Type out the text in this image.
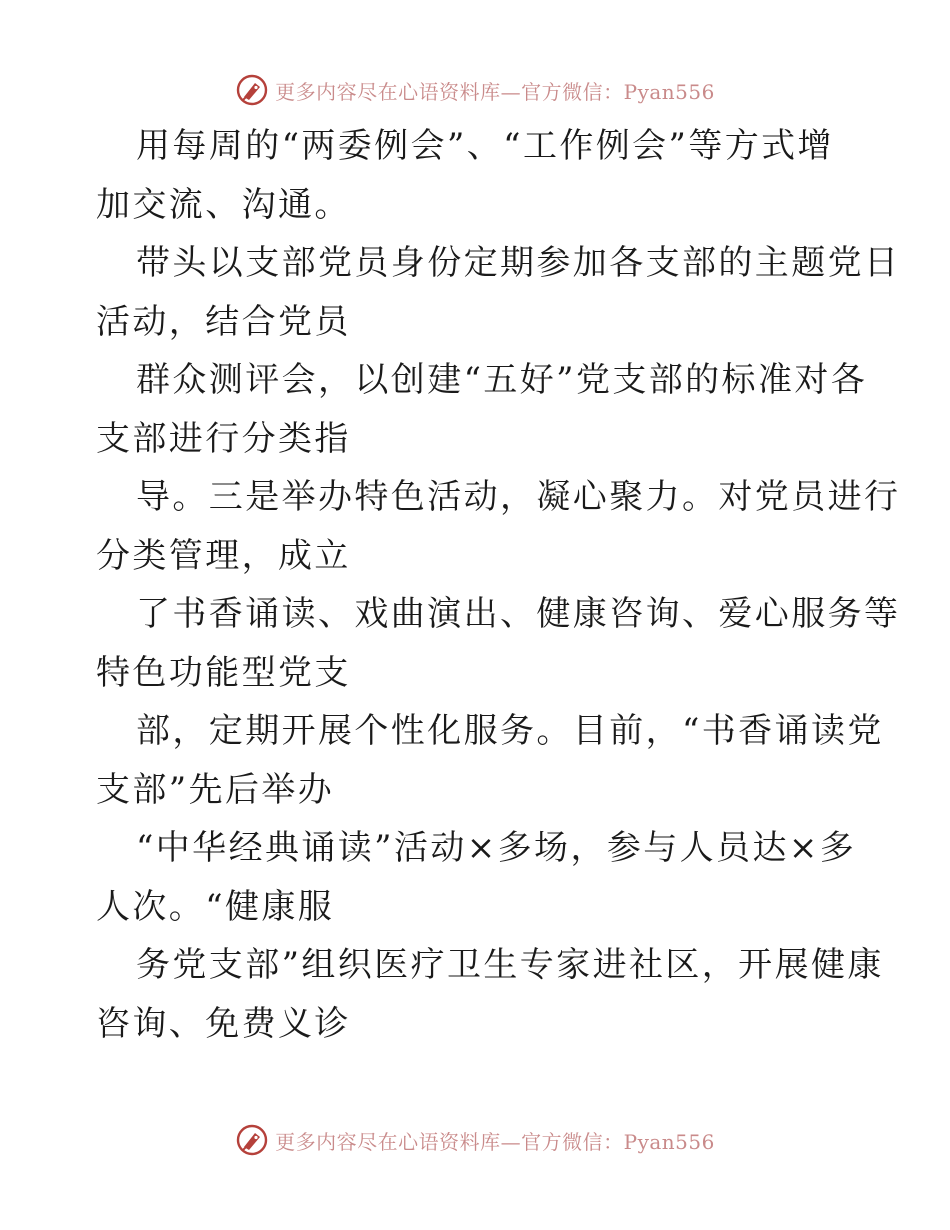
更多内容尽在心语资料库—官方微信：Pyan556
用每周的“两委例会”、“工作例会”等方式增
加交流、沟通。
带头以支部党员身份定期参加各支部的主题党日
活动，结合党员
群众测评会，以创建“五好”党支部的标准对各
支部进行分类指
导。三是举办特色活动，凝心聚力。对党员进行
分类管理，成立
了书香诵读、戏曲演出、健康咨询、爱心服务等
特色功能型党支
部，定期开展个性化服务。目前，“书香诵读党
支部”先后举办
“中华经典诵读”活动×多场，参与人员达×多
人次。“健康服
务党支部”组织医疗卫生专家进社区，开展健康
咨询、免费义诊
更多内容尽在心语资料库—官方微信：Pyan556
